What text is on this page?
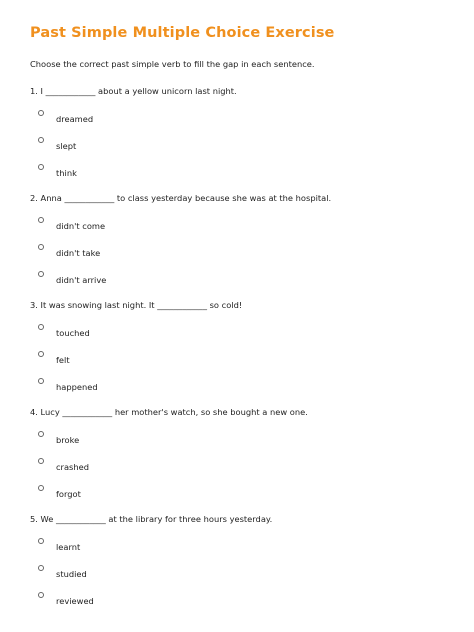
Past Simple Multiple Choice Exercise

Choose the correct past simple verb to fill the gap in each sentence.

1. I ____________ about a yellow unicorn last night.

dreamed
slept
think

2. Anna ____________ to class yesterday because she was at the hospital.

didn't come
didn't take
didn't arrive

3. It was snowing last night. It ____________ so cold!

touched
felt
happened

4. Lucy ____________ her mother's watch, so she bought a new one.

broke
crashed
forgot

5. We ____________ at the library for three hours yesterday.

learnt
studied
reviewed
